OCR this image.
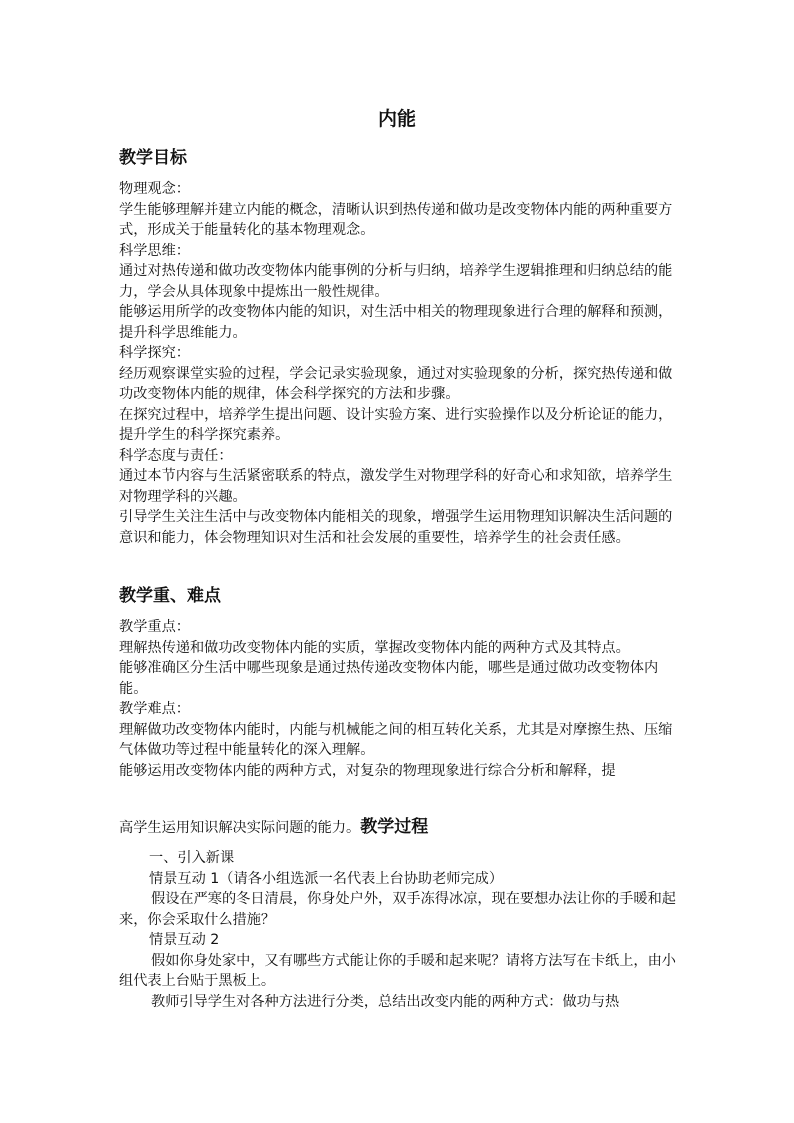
内能
教学目标

物理观念：

学生能够理解并建立内能的概念，清晰认识到热传递和做功是改变物体内能的两种重要方式，形成关于能量转化的基本物理观念。

科学思维：

通过对热传递和做功改变物体内能事例的分析与归纳，培养学生逻辑推理和归纳总结的能力，学会从具体现象中提炼出一般性规律。

能够运用所学的改变物体内能的知识，对生活中相关的物理现象进行合理的解释和预测，提升科学思维能力。

科学探究：

经历观察课堂实验的过程，学会记录实验现象，通过对实验现象的分析，探究热传递和做功改变物体内能的规律，体会科学探究的方法和步骤。

在探究过程中，培养学生提出问题、设计实验方案、进行实验操作以及分析论证的能力，提升学生的科学探究素养。

科学态度与责任：

通过本节内容与生活紧密联系的特点，激发学生对物理学科的好奇心和求知欲，培养学生对物理学科的兴趣。

引导学生关注生活中与改变物体内能相关的现象，增强学生运用物理知识解决生活问题的意识和能力，体会物理知识对生活和社会发展的重要性，培养学生的社会责任感。

教学重、难点

教学重点：

理解热传递和做功改变物体内能的实质，掌握改变物体内能的两种方式及其特点。

能够准确区分生活中哪些现象是通过热传递改变物体内能，哪些是通过做功改变物体内能。

教学难点：

理解做功改变物体内能时，内能与机械能之间的相互转化关系，尤其是对摩擦生热、压缩气体做功等过程中能量转化的深入理解。

能够运用改变物体内能的两种方式，对复杂的物理现象进行综合分析和解释，提

高学生运用知识解决实际问题的能力。教学过程

一、引入新课

情景互动 1（请各小组选派一名代表上台协助老师完成）

假设在严寒的冬日清晨，你身处户外，双手冻得冰凉，现在要想办法让你的手暖和起来，你会采取什么措施？

情景互动 2

假如你身处家中，又有哪些方式能让你的手暖和起来呢？请将方法写在卡纸上，由小组代表上台贴于黑板上。

教师引导学生对各种方法进行分类，总结出改变内能的两种方式：做功与热
